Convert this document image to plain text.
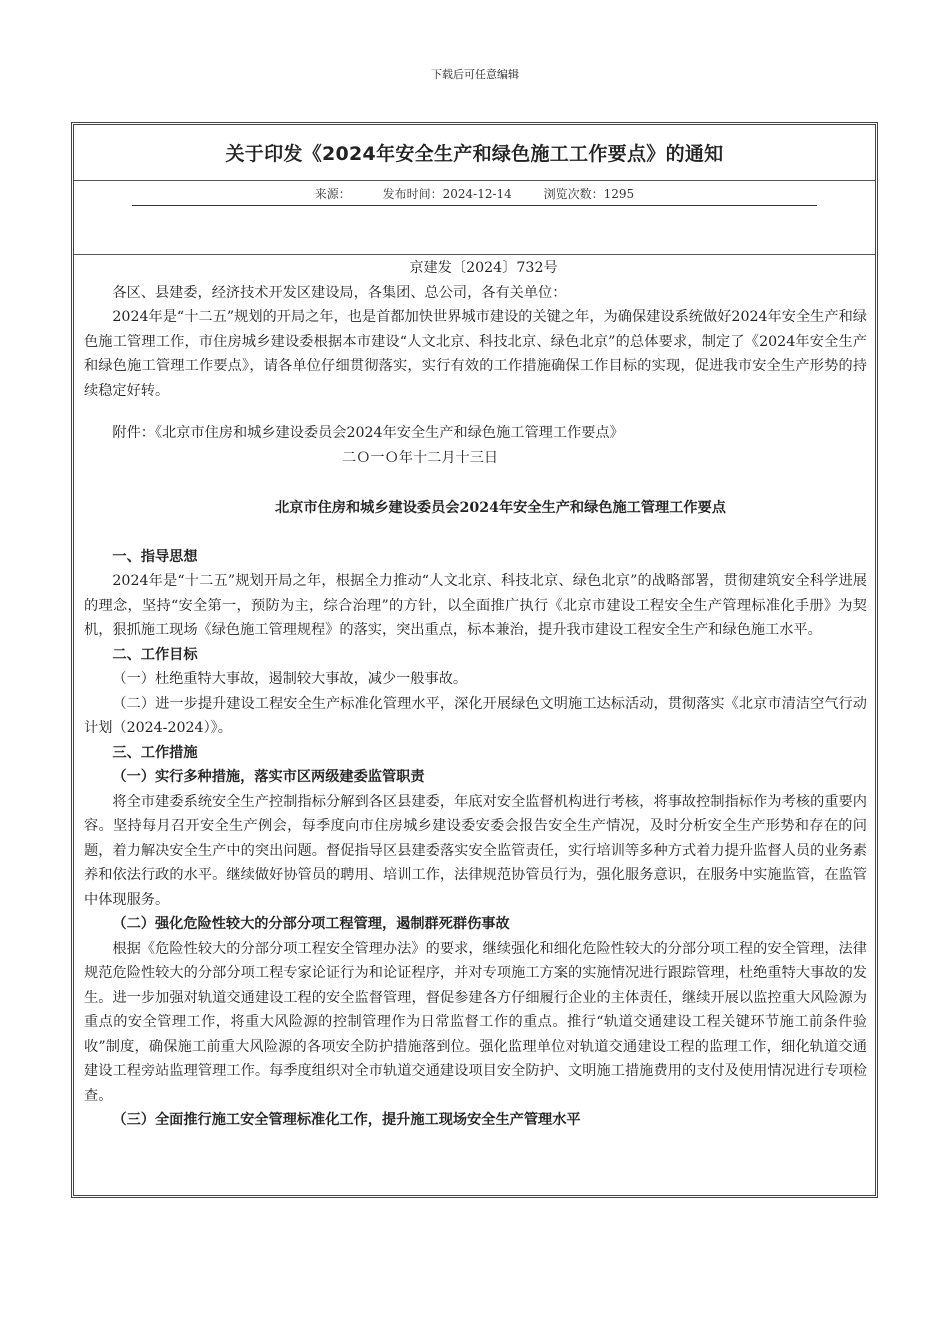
下载后可任意编辑
关于印发《2024年安全生产和绿色施工工作要点》的通知
来源：	发布时间：2024-12-14	浏览次数：1295

京建发〔2024〕732号

各区、县建委，经济技术开发区建设局，各集团、总公司，各有关单位：

2024年是“十二五”规划的开局之年，也是首都加快世界城市建设的关键之年，为确保建设系统做好2024年安全生产和绿色施工管理工作，市住房城乡建设委根据本市建设“人文北京、科技北京、绿色北京”的总体要求，制定了《2024年安全生产和绿色施工管理工作要点》，请各单位仔细贯彻落实，实行有效的工作措施确保工作目标的实现，促进我市安全生产形势的持续稳定好转。

附件：《北京市住房和城乡建设委员会2024年安全生产和绿色施工管理工作要点》

二Ｏ一Ｏ年十二月十三日

北京市住房和城乡建设委员会2024年安全生产和绿色施工管理工作要点

一、指导思想

2024年是“十二五”规划开局之年，根据全力推动“人文北京、科技北京、绿色北京”的战略部署，贯彻建筑安全科学进展的理念，坚持“安全第一，预防为主，综合治理”的方针，以全面推广执行《北京市建设工程安全生产管理标准化手册》为契机，狠抓施工现场《绿色施工管理规程》的落实，突出重点，标本兼治，提升我市建设工程安全生产和绿色施工水平。

二、工作目标

（一）杜绝重特大事故，遏制较大事故，减少一般事故。

（二）进一步提升建设工程安全生产标准化管理水平，深化开展绿色文明施工达标活动，贯彻落实《北京市清洁空气行动计划（2024-2024）》。

三、工作措施

（一）实行多种措施，落实市区两级建委监管职责

将全市建委系统安全生产控制指标分解到各区县建委，年底对安全监督机构进行考核，将事故控制指标作为考核的重要内容。坚持每月召开安全生产例会，每季度向市住房城乡建设委安委会报告安全生产情况，及时分析安全生产形势和存在的问题，着力解决安全生产中的突出问题。督促指导区县建委落实安全监管责任，实行培训等多种方式着力提升监督人员的业务素养和依法行政的水平。继续做好协管员的聘用、培训工作，法律规范协管员行为，强化服务意识，在服务中实施监管，在监管中体现服务。

（二）强化危险性较大的分部分项工程管理，遏制群死群伤事故

根据《危险性较大的分部分项工程安全管理办法》的要求，继续强化和细化危险性较大的分部分项工程的安全管理，法律规范危险性较大的分部分项工程专家论证行为和论证程序，并对专项施工方案的实施情况进行跟踪管理，杜绝重特大事故的发生。进一步加强对轨道交通建设工程的安全监督管理，督促参建各方仔细履行企业的主体责任，继续开展以监控重大风险源为重点的安全管理工作，将重大风险源的控制管理作为日常监督工作的重点。推行“轨道交通建设工程关键环节施工前条件验收”制度，确保施工前重大风险源的各项安全防护措施落到位。强化监理单位对轨道交通建设工程的监理工作，细化轨道交通建设工程旁站监理管理工作。每季度组织对全市轨道交通建设项目安全防护、文明施工措施费用的支付及使用情况进行专项检查。

（三）全面推行施工安全管理标准化工作，提升施工现场安全生产管理水平
